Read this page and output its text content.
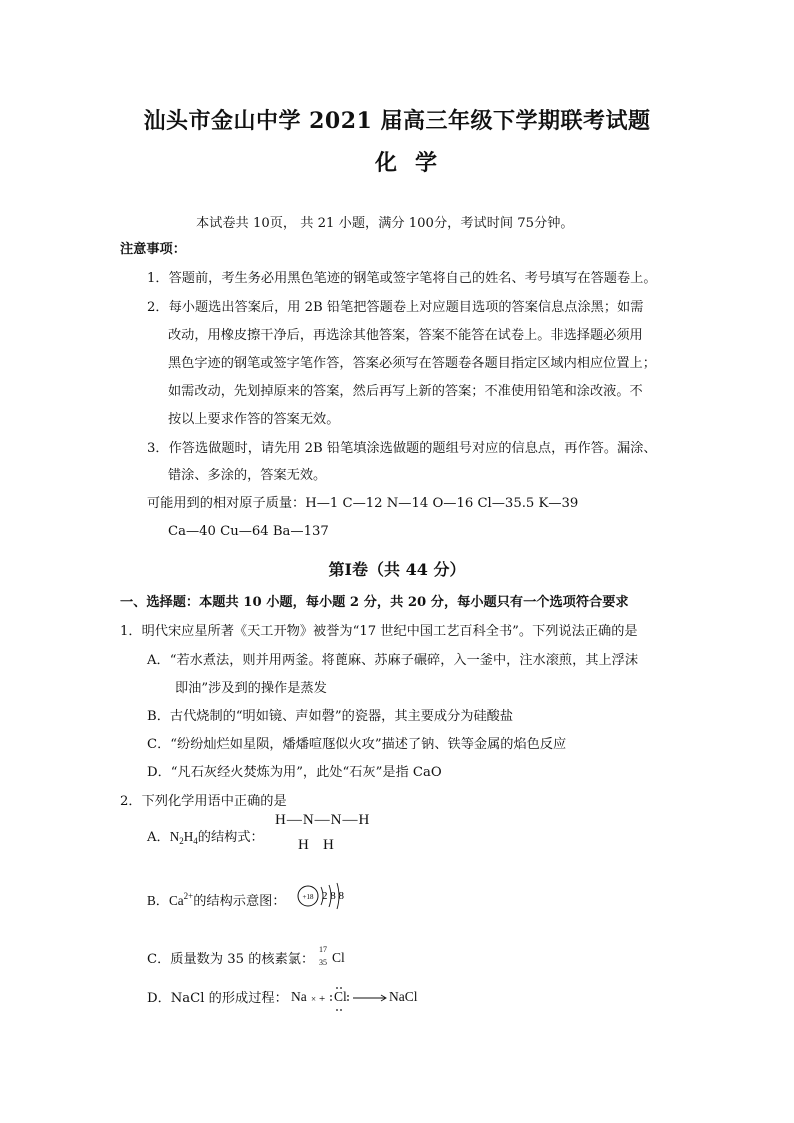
汕头市金山中学 2021 届高三年级下学期联考试题
化学
本试卷共 10页， 共 21 小题，满分 100分，考试时间 75分钟。
注意事项：
1．答题前，考生务必用黑色笔迹的钢笔或签字笔将自己的姓名、考号填写在答题卷上。
2．每小题选出答案后，用 2B 铅笔把答题卷上对应题目选项的答案信息点涂黑；如需
改动，用橡皮擦干净后，再选涂其他答案，答案不能答在试卷上。非选择题必须用
黑色字迹的钢笔或签字笔作答，答案必须写在答题卷各题目指定区域内相应位置上；
如需改动，先划掉原来的答案，然后再写上新的答案；不准使用铅笔和涂改液。不
按以上要求作答的答案无效。
3．作答选做题时，请先用 2B 铅笔填涂选做题的题组号对应的信息点，再作答。漏涂、
错涂、多涂的，答案无效。
可能用到的相对原子质量：H—1 C—12 N—14 O—16 Cl—35.5 K—39
Ca—40 Cu—64 Ba—137
第Ⅰ卷（共 44 分）
一、选择题：本题共 10 小题，每小题 2 分，共 20 分，每小题只有一个选项符合要求
1．明代宋应星所著《天工开物》被誉为“17 世纪中国工艺百科全书”。下列说法正确的是
A．“若水煮法，则并用两釜。将蓖麻、苏麻子碾碎，入一釜中，注水滚煎，其上浮沫
即油”涉及到的操作是蒸发
B．古代烧制的“明如镜、声如磬”的瓷器，其主要成分为硅酸盐
C．“纷纷灿烂如星陨，燔燔喧豗似火攻”描述了钠、铁等金属的焰色反应
D．“凡石灰经火焚炼为用”，此处“石灰”是指 CaO
2．下列化学用语中正确的是
A．$N_2H_4$的结构式：
H—N—N—H
H H
B．$Ca^{2+}$的结构示意图： +18 2 8 8
C．质量数为 35 的核素氯：
17
35 Cl
D．NaCl 的形成过程： Na × + Cl	NaCl
